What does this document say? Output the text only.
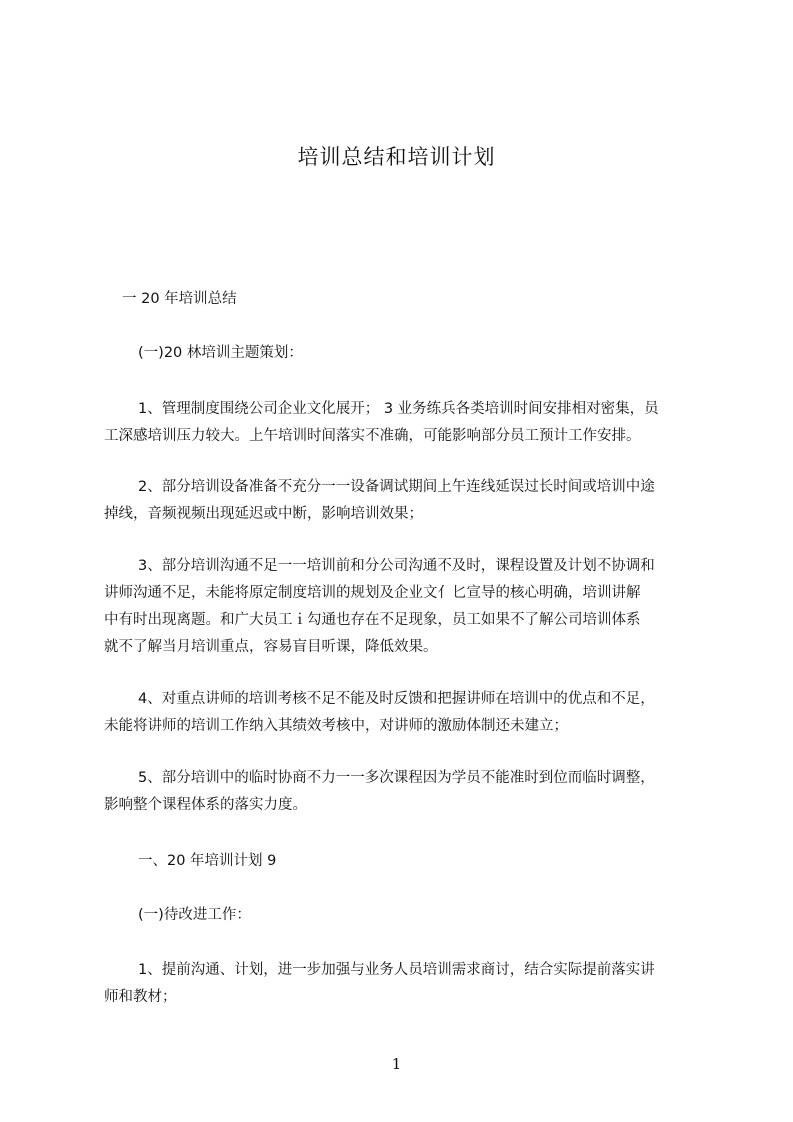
培训总结和培训计划
一 20 年培训总结
(一)20 林培训主题策划：
1、管理制度围绕公司企业文化展开； 3 业务练兵各类培训时间安排相对密集，员
工深感培训压力较大。上午培训时间落实不准确，可能影响部分员工预计工作安排。
2、部分培训设备准备不充分一一设备调试期间上午连线延误过长时间或培训中途
掉线，音频视频出现延迟或中断，影响培训效果；
3、部分培训沟通不足一一培训前和分公司沟通不及时，课程设置及计划不协调和
讲师沟通不足，未能将原定制度培训的规划及企业文亻匕宣导的核心明确，培训讲解
中有时出现离题。和广大员工ｉ勾通也存在不足现象，员工如果不了解公司培训体系
就不了解当月培训重点，容易盲目听课，降低效果。
4、对重点讲师的培训考核不足不能及时反馈和把握讲师在培训中的优点和不足，
未能将讲师的培训工作纳入其绩效考核中，对讲师的激励体制还未建立；
5、部分培训中的临时协商不力一一多次课程因为学员不能准时到位而临时调整，
影响整个课程体系的落实力度。
一、20 年培训计划 9
(一)待改进工作：
1、提前沟通、计划，进一步加强与业务人员培训需求商讨，结合实际提前落实讲
师和教材；
1
